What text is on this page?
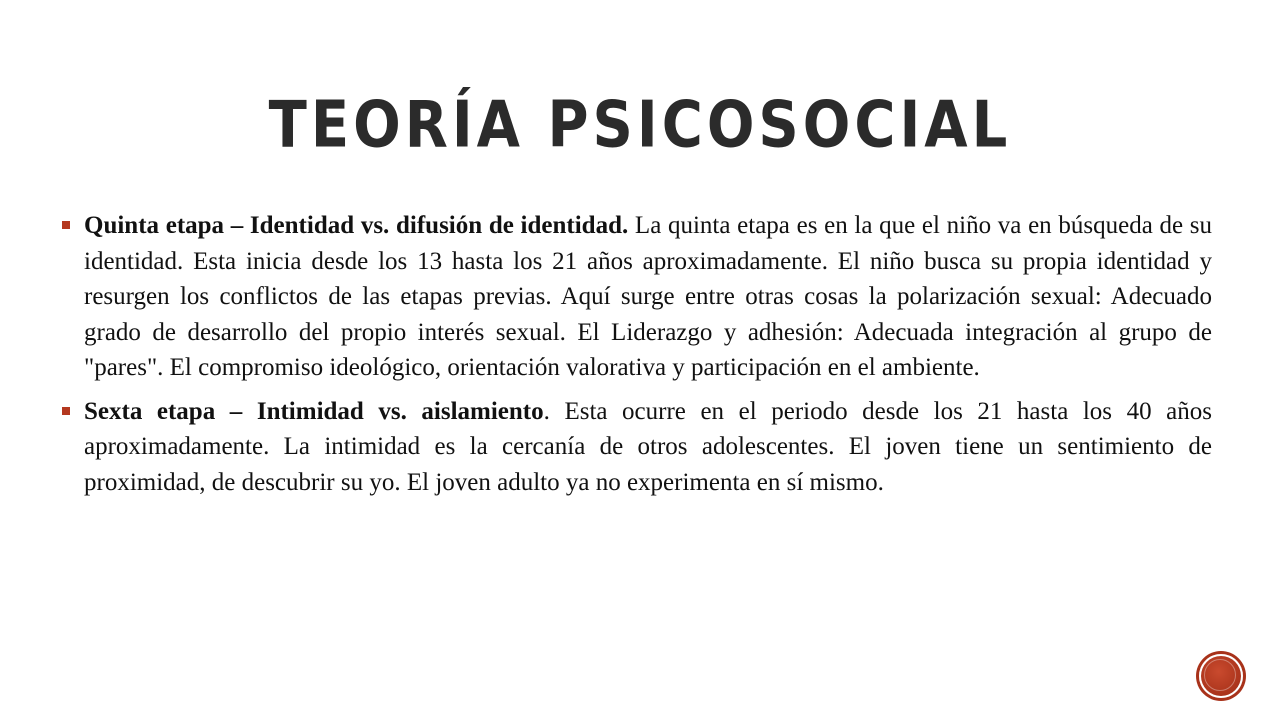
TEORÍA PSICOSOCIAL
Quinta etapa – Identidad vs. difusión de identidad. La quinta etapa es en la que el niño va en búsqueda de su identidad. Esta inicia desde los 13 hasta los 21 años aproximadamente. El niño busca su propia identidad y resurgen los conflictos de las etapas previas. Aquí surge entre otras cosas la polarización sexual: Adecuado grado de desarrollo del propio interés sexual. El Liderazgo y adhesión: Adecuada integración al grupo de "pares". El compromiso ideológico, orientación valorativa y participación en el ambiente.
Sexta etapa – Intimidad vs. aislamiento. Esta ocurre en el periodo desde los 21 hasta los 40 años aproximadamente. La intimidad es la cercanía de otros adolescentes. El joven tiene un sentimiento de proximidad, de descubrir su yo. El joven adulto ya no experimenta en sí mismo.
